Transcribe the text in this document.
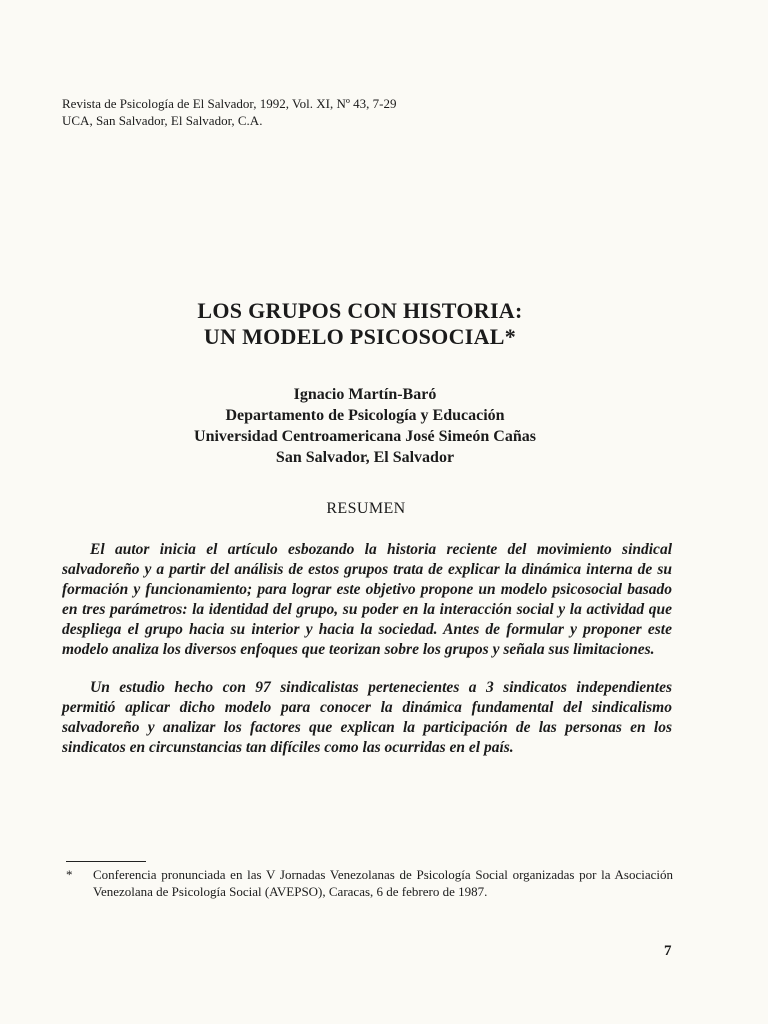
Revista de Psicología de El Salvador, 1992, Vol. XI, Nº 43, 7-29
UCA, San Salvador, El Salvador, C.A.
LOS GRUPOS CON HISTORIA:
UN MODELO PSICOSOCIAL*
Ignacio Martín-Baró
Departamento de Psicología y Educación
Universidad Centroamericana José Simeón Cañas
San Salvador, El Salvador
RESUMEN

El autor inicia el artículo esbozando la historia reciente del movimiento sindical salvadoreño y a partir del análisis de estos grupos trata de explicar la dinámica interna de su formación y funcionamiento; para lograr este objetivo propone un modelo psicosocial basado en tres parámetros: la identidad del grupo, su poder en la interacción social y la actividad que despliega el grupo hacia su interior y hacia la sociedad. Antes de formular y proponer este modelo analiza los diversos enfoques que teorizan sobre los grupos y señala sus limitaciones.

Un estudio hecho con 97 sindicalistas pertenecientes a 3 sindicatos independientes permitió aplicar dicho modelo para conocer la dinámica fundamental del sindicalismo salvadoreño y analizar los factores que explican la participación de las personas en los sindicatos en circunstancias tan difíciles como las ocurridas en el país.

* Conferencia pronunciada en las V Jornadas Venezolanas de Psicología Social organizadas por la Asociación Venezolana de Psicología Social (AVEPSO), Caracas, 6 de febrero de 1987.
7
